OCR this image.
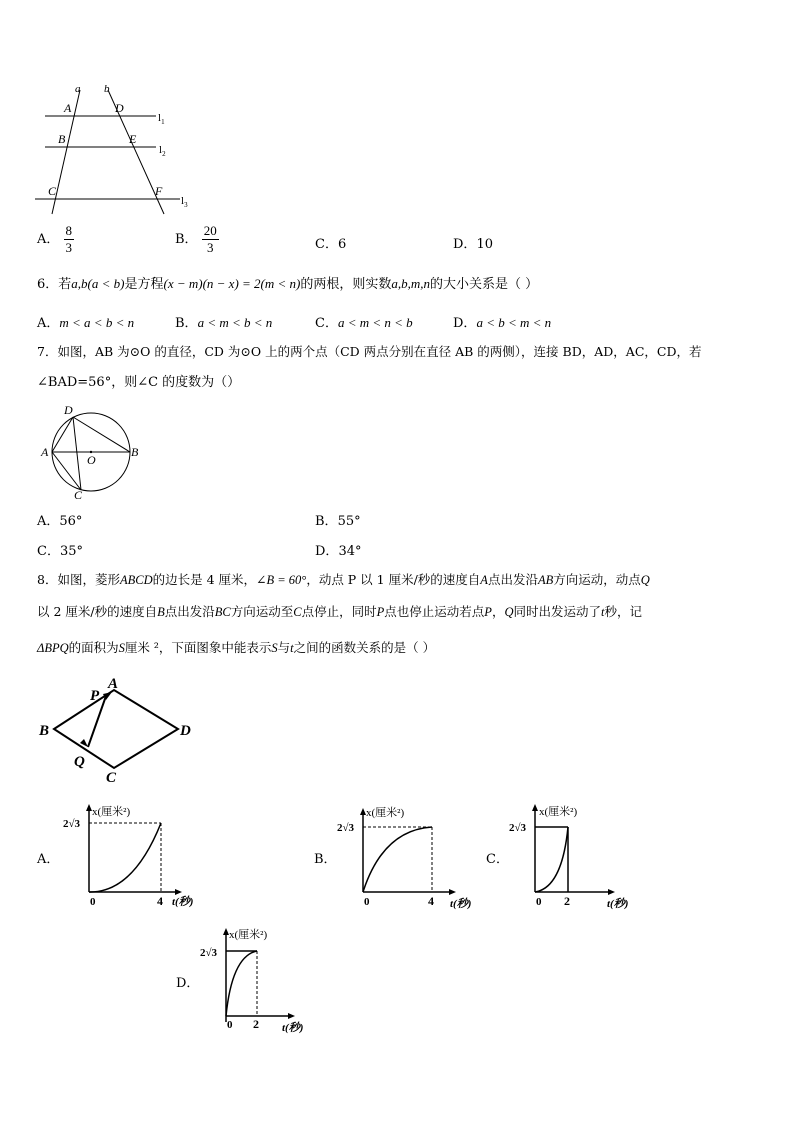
a b
A	D
B	E
C	F
$l_1$
$l_2$
$l_3$
A． $\frac{8}{3}$	B． $\frac{20}{3}$	C．6	D．10
6．若a,b(a < b)是方程(x − m)(n − x) = 2(m < n)的两根，则实数a,b,m,n的大小关系是（ ）
A．m < a < b < n	B．a < m < b < n	C．a < m < n < b	D．a < b < m < n
7．如图，AB 为⊙O 的直径，CD 为⊙O 上的两个点（CD 两点分别在直径 AB 的两侧），连接 BD，AD，AC，CD，若
∠BAD=56°，则∠C 的度数为（）
D
A
O
B
C
A．56°	B．55°
C．35°	D．34°
8．如图，菱形ABCD的边长是 4 厘米，∠B = 60°，动点 P 以 1 厘米/秒的速度自A点出发沿AB方向运动，动点Q
以 2 厘米/秒的速度自B点出发沿BC方向运动至C点停止，同时P点也停止运动若点P，Q同时出发运动了t秒，记
ΔBPQ的面积为S厘米 ²，下面图象中能表示S与t之间的函数关系的是（ ）
A
P
B	D
Q
C
A．
x(厘米²)
2√3
0	4 t(秒)
B．
x(厘米²)
2√3
0	4 t(秒)
C．
x(厘米²)
2√3
0 2	t(秒)
D．
x(厘米²)
2√3
0 2 t(秒)
